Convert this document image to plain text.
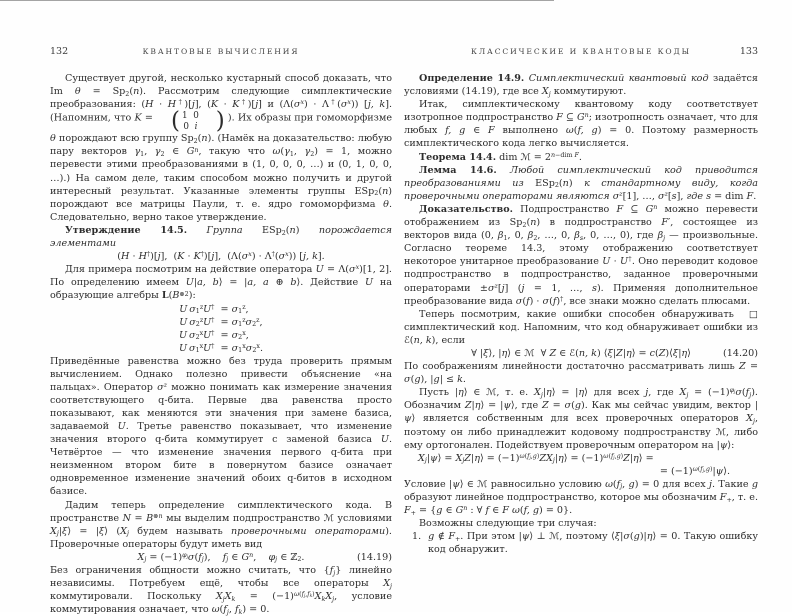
132	КВАНТОВЫЕ ВЫЧИСЛЕНИЯ
Существует другой, несколько кустарный способ доказать, что Im $\theta = Sp_2(n)$. Рассмотрим следующие симплектические преобразования: (H · H†)[j], (K · K†)[j] и $(\Lambda(\sigma^x) \cdot \Lambda^\dagger(\sigma^x))$ [j, k]. (Напомним, что K = ( 1  0
0  i ) ). Их образы при гомоморфизме θ порождают всю группу $Sp_2(n)$. (Намёк на доказательство: любую пару векторов $\gamma_1$, $\gamma_2$ ∈ $G^n$, такую что $\omega(\gamma_1$, $\gamma_2) = 1$, можно перевести этими преобразованиями в (1, 0, 0, 0, …) и (0, 1, 0, 0, …).) На самом деле, таким способом можно получить и другой интересный результат. Указанные элементы группы ESp$_2$(n) порождают все матрицы Паули, т. е. ядро гомоморфизма θ. Следовательно, верно такое утверждение.
Утверждение 14.5. Группа ESp$_2$(n) порождается элементами
(H · H†)[j],  (K · K†)[j],  $(\Lambda(\sigma^x) \cdot \Lambda^\dagger(\sigma^x))$ [j, k].
Для примера посмотрим на действие оператора $U = \Lambda(\sigma^x)[1$, 2]. По определению имеем U|a, b⟩ = |a, a ⊕ b⟩. Действие U на образующие алгебры $L(B^{\otimes 2})$:
U $\sigma_1^zU^\dagger = \sigma_1^z$,
U $\sigma_2^zU^\dagger = \sigma_1^z\sigma_2^z$,
U $\sigma_2^xU^\dagger = \sigma_2^x$,
U $\sigma_1^xU^\dagger = \sigma_1^x\sigma_2^x$.
Приведённые равенства можно без труда проверить прямым вычислением. Однако полезно привести объяснение «на пальцах». Оператор $\sigma^z$ можно понимать как измерение значения соответствующего q-бита. Первые два равенства просто показывают, как меняются эти значения при замене базиса, задаваемой U. Третье равенство показывает, что изменение значения второго q-бита коммутирует с заменой базиса U. Четвёртое — что изменение значения первого q-бита при неизменном втором бите в повернутом базисе означает одновременное изменение значений обоих q-битов в исходном базисе.
Дадим теперь определение симплектического кода. В пространстве $N = B^{\otimes n}$ мы выделим подпространство ℳ условиями $X_j|\xi⟩$ = |ξ⟩ ($X_j$ будем называть проверочными операторами). Проверочные операторы будут иметь вид
$X_j = (-1)^{\varphi_j}\sigma(f_j)$,    $f_j$ ∈ $G^n$,    $\varphi_j$ ∈ ℤ$_2$.	(14.19)
Без ограничения общности можно считать, что $\{f_j\}$ линейно независимы. Потребуем ещё, чтобы все операторы $X_j$ коммутировали. Поскольку $X_jX_k = (-1)^{\omega(f_j,f_k)}X_kX_j$, условие коммутирования означает, что $\omega(f_j$, $f_k) = 0$.
КЛАССИЧЕСКИЕ И КВАНТОВЫЕ КОДЫ	133
Определение 14.9. Симплектический квантовый код задаётся условиями (14.19), где все $X_j$ коммутируют.
Итак, симплектическому квантовому коду соответствует изотропное подпространство F ⊆ $G^n$; изотропность означает, что для любых f, g ∈ F выполнено ω(f, g) = 0. Поэтому размерность симплектического кода легко вычисляется.
Теорема 14.4. dim ℳ = $2^{n-dim F}$.
Лемма 14.6. Любой симплектический код приводится преобразованиями из ESp$_2$(n) к стандартному виду, когда проверочными операторами являются $\sigma^z[1]$, …, $\sigma^z[s]$, где s = dim F.
Доказательство. Подпространство F ⊆ $G^n$ можно перевести отображением из $Sp_2(n)$ в подпространство F′, состоящее из векторов вида (0, $\beta_1$, 0, $\beta_2$, …, 0, $\beta_s$, 0, …, 0), где $\beta_j$ — произвольные. Согласно теореме 14.3, этому отображению соответствует некоторое унитарное преобразование U · U†. Оно переводит кодовое подпространство в подпространство, заданное проверочными операторами $\pm\sigma^z[j] (j = 1$, …, s). Применяя дополнительное преобразование вида σ(f) · σ(f)†, все знаки можно сделать плюсами.
□
Теперь посмотрим, какие ошибки способен обнаруживать симплектический код. Напомним, что код обнаруживает ошибки из ℰ(n, k), если
∀ |ξ⟩, |η⟩ ∈ ℳ  ∀ Z ∈ ℰ(n, k) ⟨ξ|Z|η⟩ = c(Z)⟨ξ|η⟩	(14.20)
По соображениям линейности достаточно рассматривать лишь Z = σ(g), |g| ≤ k.
Пусть |η⟩ ∈ ℳ, т. е. $X_j|\eta⟩$ = |η⟩ для всех j, где $X_j = (-1)^{\varphi_j}\sigma(f_j)$. Обозначим Z|η⟩ = |ψ⟩, где Z = σ(g). Как мы сейчас увидим, вектор |ψ⟩ является собственным для всех проверочных операторов $X_j$, поэтому он либо принадлежит кодовому подпространству ℳ, либо ему ортогонален. Подействуем проверочным оператором на |ψ⟩:
$X_j|\psi⟩$ = $X_jZ|\eta⟩$ = $(-1)^{\omega(f_j,g)}ZX_j|\eta⟩$ = $(-1)^{\omega(f_j,g)}Z|\eta⟩$ =
= $(-1)^{\omega(f_j,g)}|\psi⟩$.
Условие |ψ⟩ ∈ ℳ равносильно условию $\omega(f_j$, g) = 0 для всех j. Такие g образуют линейное подпространство, которое мы обозначим $F_+$, т. е. $F_+ = \{g$ ∈ $G^n$ : ∀ f ∈ F ω(f, g) = 0}.
Возможны следующие три случая:
1.  g ∉ $F_+$. При этом |ψ⟩ ⊥ ℳ, поэтому ⟨ξ|σ(g)|η⟩ = 0. Такую ошибку код обнаружит.
